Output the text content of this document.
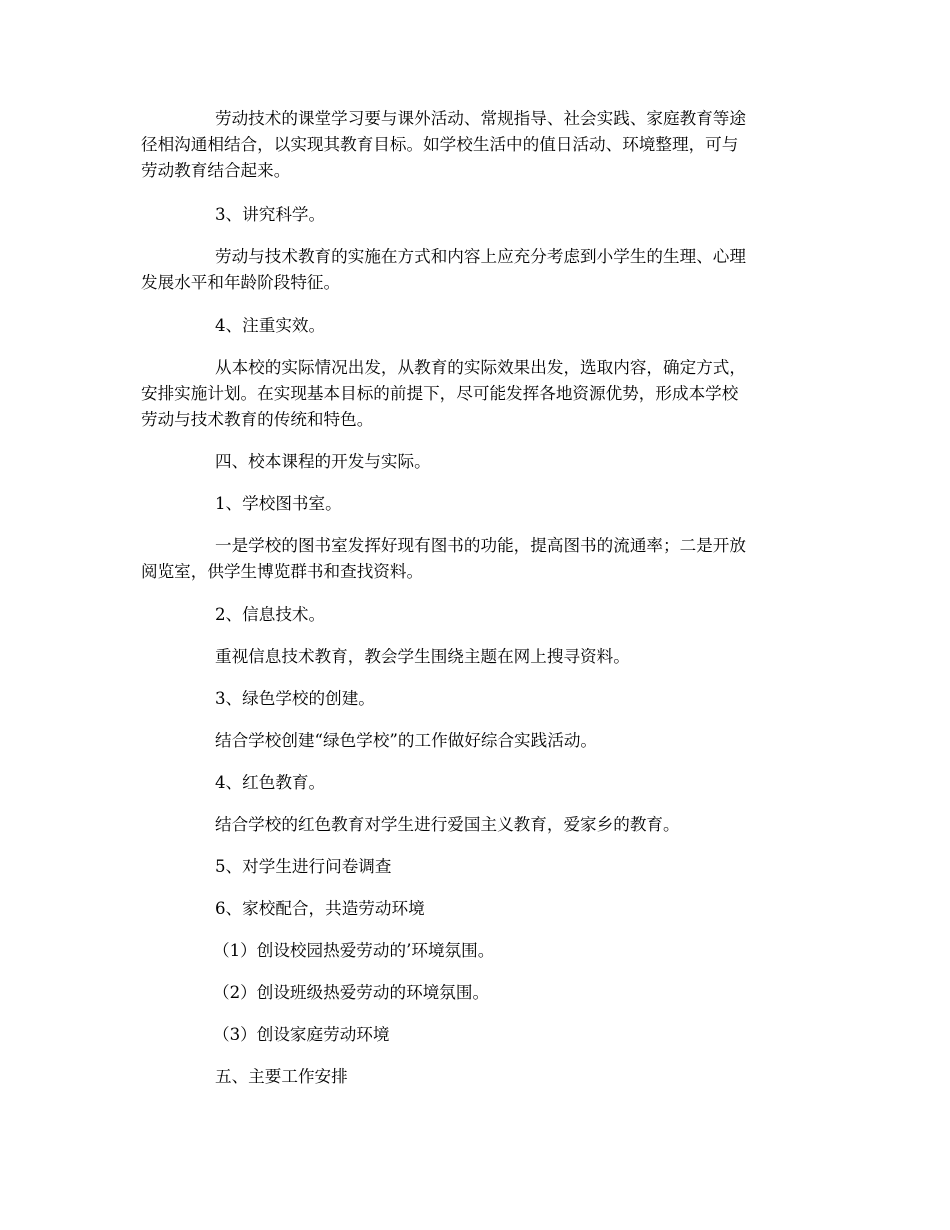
劳动技术的课堂学习要与课外活动、常规指导、社会实践、家庭教育等途
径相沟通相结合，以实现其教育目标。如学校生活中的值日活动、环境整理，可与
劳动教育结合起来。

3、讲究科学。

劳动与技术教育的实施在方式和内容上应充分考虑到小学生的生理、心理
发展水平和年龄阶段特征。

4、注重实效。

从本校的实际情况出发，从教育的实际效果出发，选取内容，确定方式，
安排实施计划。在实现基本目标的前提下，尽可能发挥各地资源优势，形成本学校
劳动与技术教育的传统和特色。

四、校本课程的开发与实际。

1、学校图书室。

一是学校的图书室发挥好现有图书的功能，提高图书的流通率；二是开放
阅览室，供学生博览群书和查找资料。

2、信息技术。

重视信息技术教育，教会学生围绕主题在网上搜寻资料。

3、绿色学校的创建。

结合学校创建“绿色学校”的工作做好综合实践活动。

4、红色教育。

结合学校的红色教育对学生进行爱国主义教育，爱家乡的教育。

5、对学生进行问卷调查

6、家校配合，共造劳动环境

（1）创设校园热爱劳动的’环境氛围。

（2）创设班级热爱劳动的环境氛围。

（3）创设家庭劳动环境

五、主要工作安排
